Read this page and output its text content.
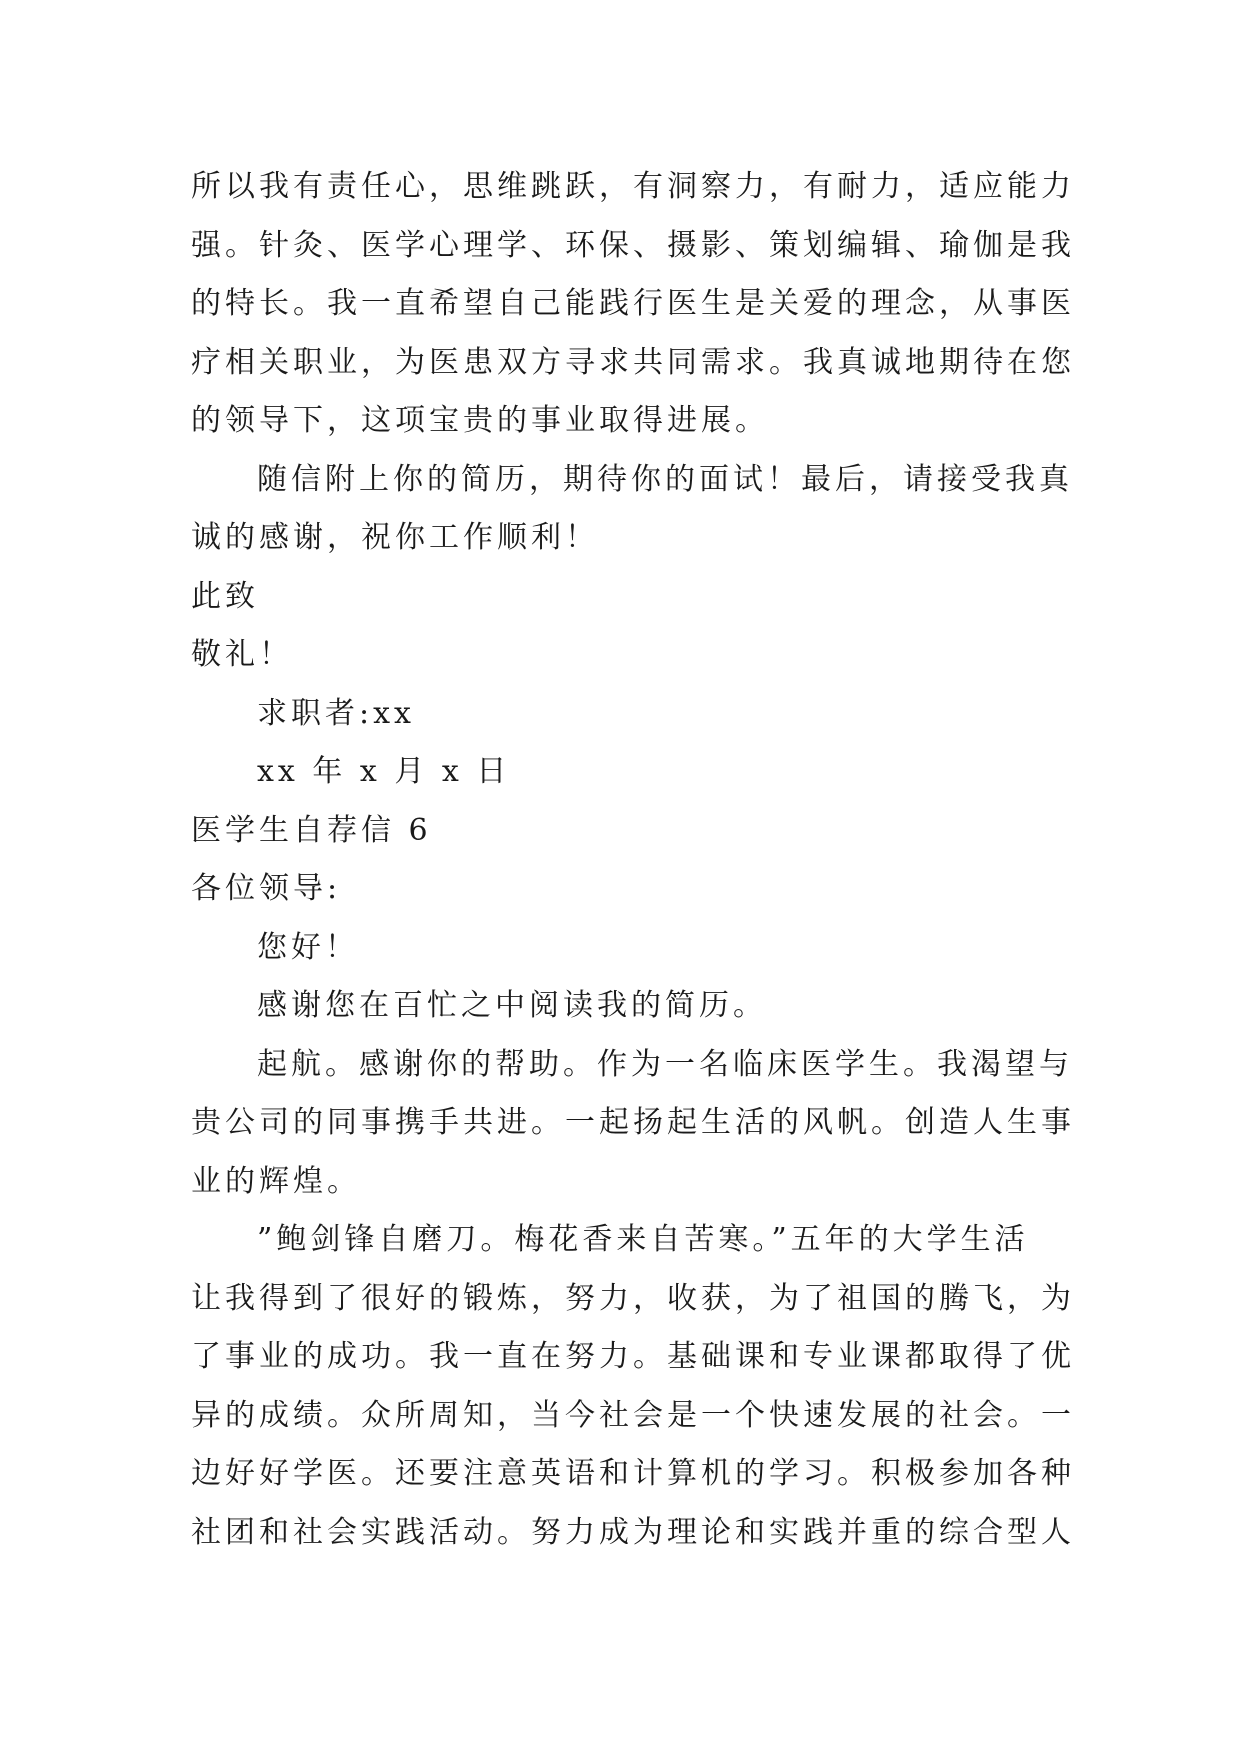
所以我有责任心，思维跳跃，有洞察力，有耐力，适应能力
强。针灸、医学心理学、环保、摄影、策划编辑、瑜伽是我
的特长。我一直希望自己能践行医生是关爱的理念，从事医
疗相关职业，为医患双方寻求共同需求。我真诚地期待在您
的领导下，这项宝贵的事业取得进展。
随信附上你的简历，期待你的面试！最后，请接受我真
诚的感谢，祝你工作顺利！
此致
敬礼！
求职者:xx
xx 年 x 月 x 日
医学生自荐信 6
各位领导:
您好！
感谢您在百忙之中阅读我的简历。
起航。感谢你的帮助。作为一名临床医学生。我渴望与
贵公司的同事携手共进。一起扬起生活的风帆。创造人生事
业的辉煌。
”鲍剑锋自磨刀。梅花香来自苦寒。”五年的大学生活
让我得到了很好的锻炼，努力，收获，为了祖国的腾飞，为
了事业的成功。我一直在努力。基础课和专业课都取得了优
异的成绩。众所周知，当今社会是一个快速发展的社会。一
边好好学医。还要注意英语和计算机的学习。积极参加各种
社团和社会实践活动。努力成为理论和实践并重的综合型人
